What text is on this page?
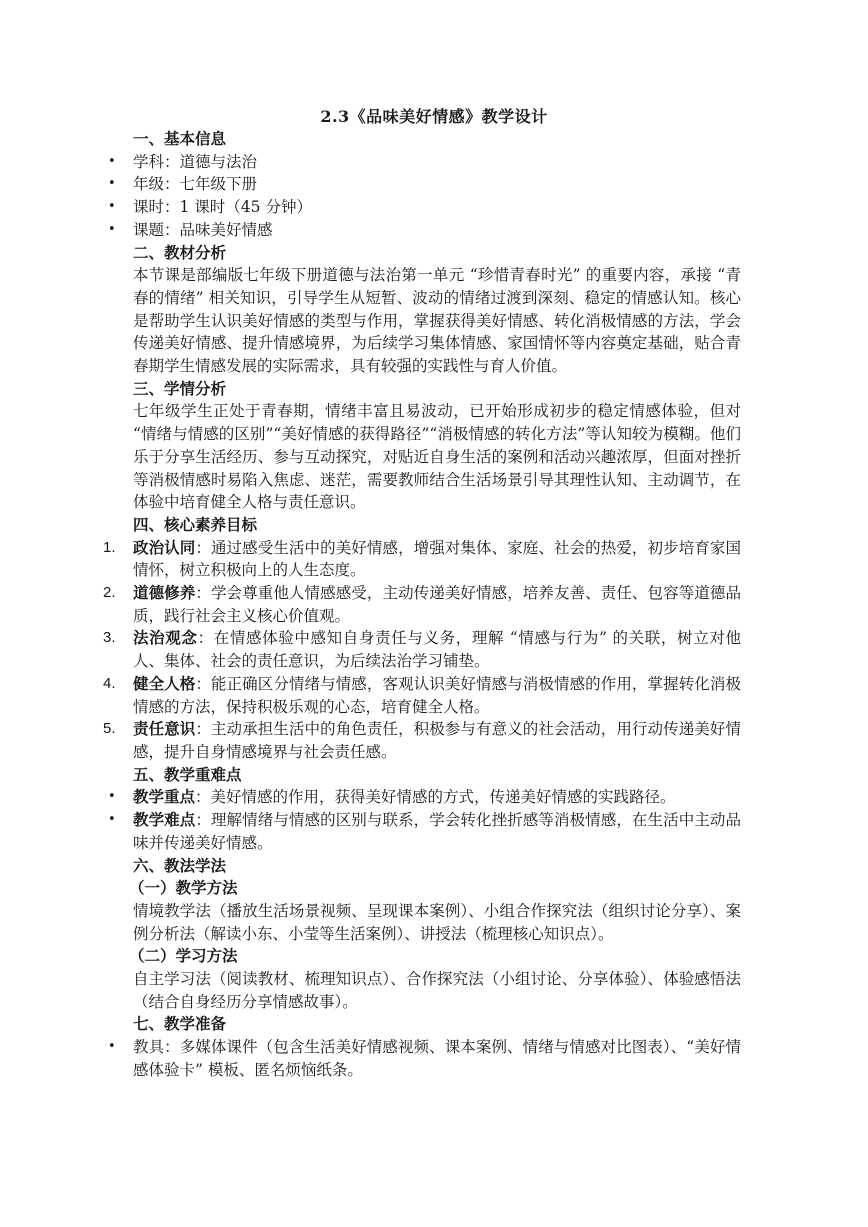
2.3《品味美好情感》教学设计
一、基本信息
• 学科：道德与法治
• 年级：七年级下册
• 课时：1 课时（45 分钟）
• 课题：品味美好情感
二、教材分析

本节课是部编版七年级下册道德与法治第一单元 “珍惜青春时光” 的重要内容，承接 “青春的情绪” 相关知识，引导学生从短暂、波动的情绪过渡到深刻、稳定的情感认知。核心是帮助学生认识美好情感的类型与作用，掌握获得美好情感、转化消极情感的方法，学会传递美好情感、提升情感境界，为后续学习集体情感、家国情怀等内容奠定基础，贴合青春期学生情感发展的实际需求，具有较强的实践性与育人价值。

三、学情分析

七年级学生正处于青春期，情绪丰富且易波动，已开始形成初步的稳定情感体验，但对 “情绪与情感的区别”“美好情感的获得路径”“消极情感的转化方法”等认知较为模糊。他们乐于分享生活经历、参与互动探究，对贴近自身生活的案例和活动兴趣浓厚，但面对挫折等消极情感时易陷入焦虑、迷茫，需要教师结合生活场景引导其理性认知、主动调节，在体验中培育健全人格与责任意识。

四、核心素养目标
1.	政治认同：通过感受生活中的美好情感，增强对集体、家庭、社会的热爱，初步培育家国情怀，树立积极向上的人生态度。
2.	道德修养：学会尊重他人情感感受，主动传递美好情感，培养友善、责任、包容等道德品质，践行社会主义核心价值观。
3.	法治观念：在情感体验中感知自身责任与义务，理解 “情感与行为” 的关联，树立对他人、集体、社会的责任意识，为后续法治学习铺垫。
4.	健全人格：能正确区分情绪与情感，客观认识美好情感与消极情感的作用，掌握转化消极情感的方法，保持积极乐观的心态，培育健全人格。
5.	责任意识：主动承担生活中的角色责任，积极参与有意义的社会活动，用行动传递美好情感，提升自身情感境界与社会责任感。
五、教学重难点
• 教学重点：美好情感的作用，获得美好情感的方式，传递美好情感的实践路径。
• 教学难点：理解情绪与情感的区别与联系，学会转化挫折感等消极情感，在生活中主动品味并传递美好情感。
六、教法学法
（一）教学方法

情境教学法（播放生活场景视频、呈现课本案例）、小组合作探究法（组织讨论分享）、案例分析法（解读小东、小莹等生活案例）、讲授法（梳理核心知识点）。

（二）学习方法

自主学习法（阅读教材、梳理知识点）、合作探究法（小组讨论、分享体验）、体验感悟法（结合自身经历分享情感故事）。

七、教学准备
• 教具：多媒体课件（包含生活美好情感视频、课本案例、情绪与情感对比图表）、“美好情感体验卡” 模板、匿名烦恼纸条。
